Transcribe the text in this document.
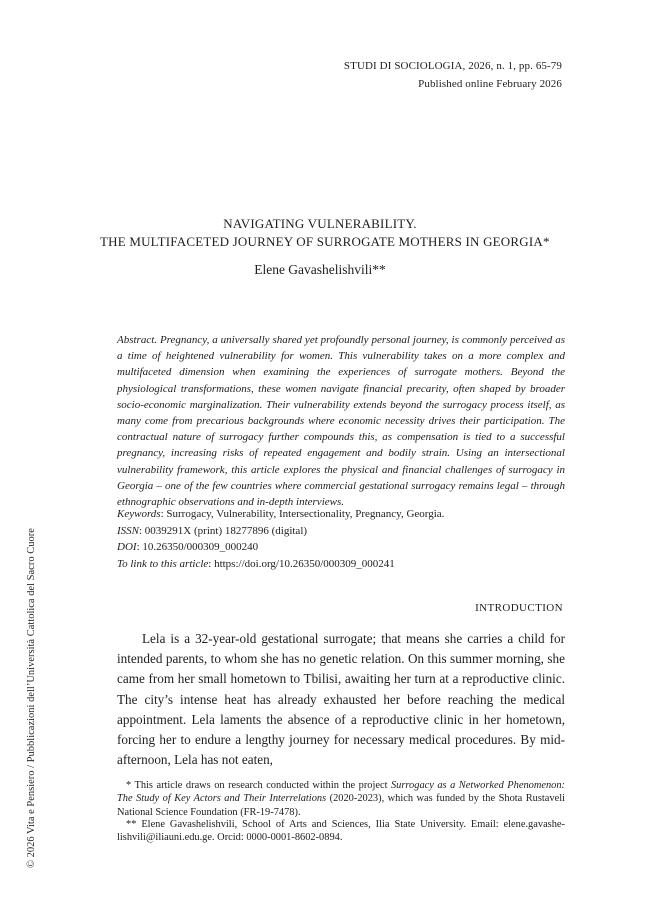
STUDI DI SOCIOLOGIA, 2026, n. 1, pp. 65-79
Published online February 2026
NAVIGATING VULNERABILITY.
THE MULTIFACETED JOURNEY OF SURROGATE MOTHERS IN GEORGIA*
Elene Gavashelishvili**

Abstract. Pregnancy, a universally shared yet profoundly personal journey, is commonly perceived as a time of heightened vulnerability for women. This vulnerability takes on a more complex and multifaceted dimension when examining the experiences of surrogate mothers. Beyond the physiological transformations, these women navigate financial precarity, often shaped by broader socio-economic marginalization. Their vulnerability extends beyond the surrogacy process itself, as many come from precarious backgrounds where economic necessity drives their participation. The contractual nature of surrogacy further compounds this, as compensation is tied to a successful pregnancy, increasing risks of repeated engagement and bodily strain. Using an intersectional vulnerability framework, this article explores the physical and financial challenges of surrogacy in Georgia – one of the few countries where commercial gestational surrogacy remains legal – through ethnographic observations and in-depth interviews.

Keywords: Surrogacy, Vulnerability, Intersectionality, Pregnancy, Georgia.
ISSN: 0039291X (print) 18277896 (digital)
DOI: 10.26350/000309_000240
To link to this article: https://doi.org/10.26350/000309_000241
INTRODUCTION

Lela is a 32-year-old gestational surrogate; that means she carries a child for intended parents, to whom she has no genetic relation. On this summer morning, she came from her small hometown to Tbilisi, awaiting her turn at a reproductive clinic. The city’s intense heat has already exhausted her before reaching the medical appointment. Lela laments the absence of a reproductive clinic in her hometown, forcing her to endure a lengthy journey for necessary medical procedures. By mid-afternoon, Lela has not eaten,

* This article draws on research conducted within the project Surrogacy as a Networked Phenomenon: The Study of Key Actors and Their Interrelations (2020-2023), which was funded by the Shota Rustaveli National Science Foundation (FR-19-7478).

** Elene Gavashelishvili, School of Arts and Sciences, Ilia State University. Email: elene.gavashelishvili@iliauni.edu.ge. Orcid: 0000-0001-8602-0894.

© 2026 Vita e Pensiero / Pubblicazioni dell’Università Cattolica del Sacro Cuore
